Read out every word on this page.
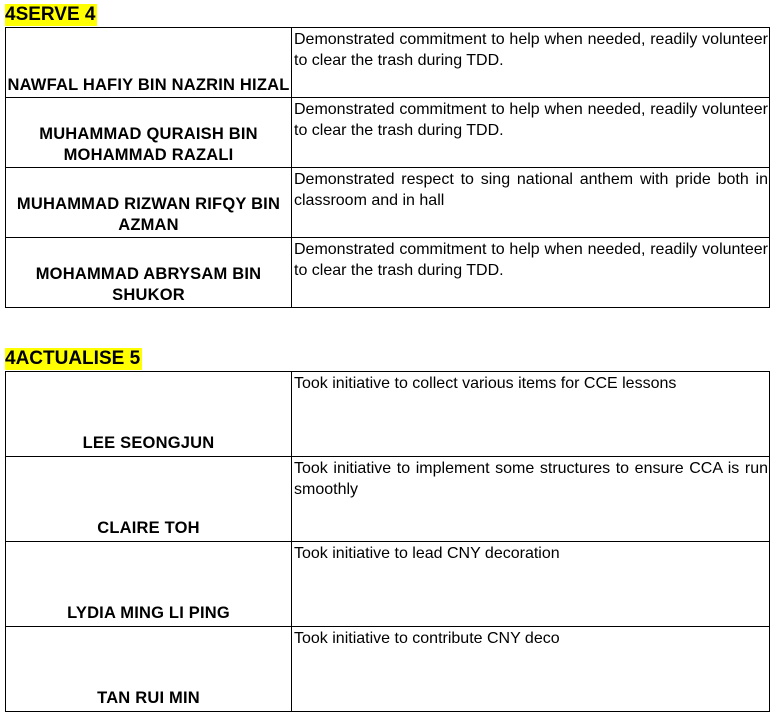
4SERVE 4
NAWFAL HAFIY BIN NAZRIN HIZAL	Demonstrated commitment to help when needed, readily volunteer to clear the trash during TDD.
MUHAMMAD QURAISH BIN MOHAMMAD RAZALI	Demonstrated commitment to help when needed, readily volunteer to clear the trash during TDD.
MUHAMMAD RIZWAN RIFQY BIN AZMAN	Demonstrated respect to sing national anthem with pride both in classroom and in hall
MOHAMMAD ABRYSAM BIN SHUKOR	Demonstrated commitment to help when needed, readily volunteer to clear the trash during TDD.
4ACTUALISE 5
LEE SEONGJUN	Took initiative to collect various items for CCE lessons
CLAIRE TOH	Took initiative to implement some structures to ensure CCA is run smoothly
LYDIA MING LI PING	Took initiative to lead CNY decoration
TAN RUI MIN	Took initiative to contribute CNY deco
